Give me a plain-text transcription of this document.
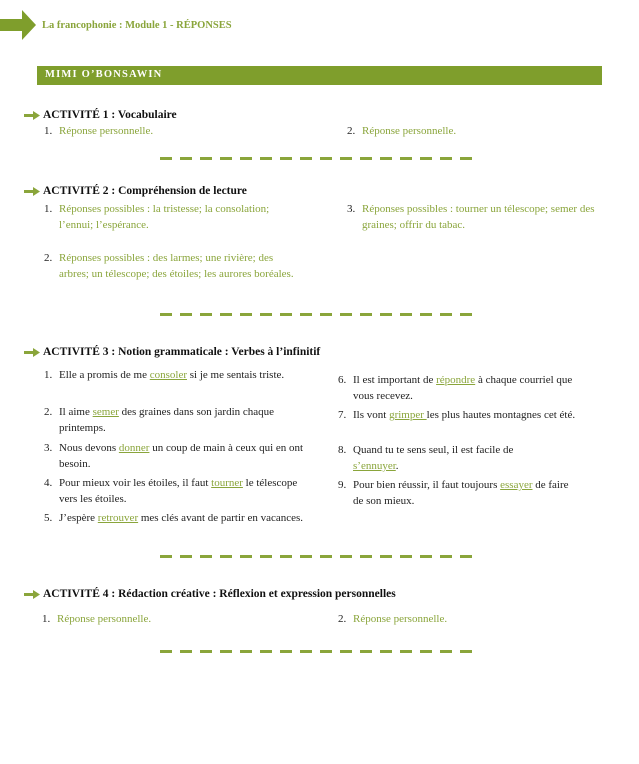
La francophonie : Module 1 - RÉPONSES
MIMI O’BONSAWIN
ACTIVITÉ 1 : Vocabulaire
1. Réponse personnelle.	2. Réponse personnelle.
ACTIVITÉ 2 : Compréhension de lecture
1. Réponses possibles : la tristesse; la consolation; l’ennui; l’espérance.
2. Réponses possibles : des larmes; une rivière; des arbres; un télescope; des étoiles; les aurores boréales.
3. Réponses possibles : tourner un télescope; semer des graines; offrir du tabac.
ACTIVITÉ 3 : Notion grammaticale : Verbes à l’infinitif
1. Elle a promis de me consoler si je me sentais triste.
2. Il aime semer des graines dans son jardin chaque printemps.
3. Nous devons donner un coup de main à ceux qui en ont besoin.
4. Pour mieux voir les étoiles, il faut tourner le télescope vers les étoiles.
5. J’espère retrouver mes clés avant de partir en vacances.
6. Il est important de répondre à chaque courriel que vous recevez.
7. Ils vont grimper les plus hautes montagnes cet été.
8. Quand tu te sens seul, il est facile de s’ennuyer.
9. Pour bien réussir, il faut toujours essayer de faire de son mieux.
ACTIVITÉ 4 : Rédaction créative : Réflexion et expression personnelles
1. Réponse personnelle.	2. Réponse personnelle.
